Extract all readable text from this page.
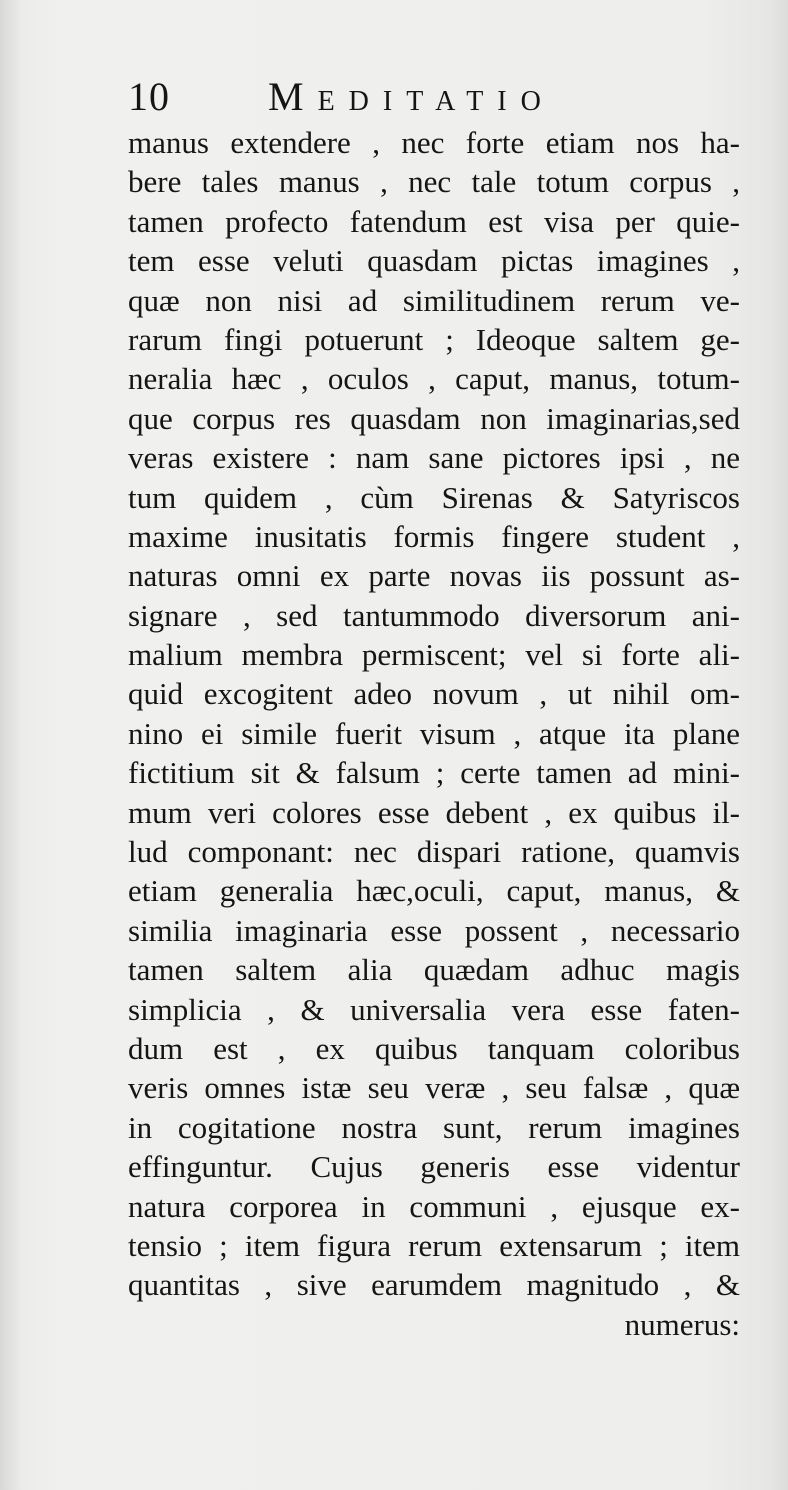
10 Meditatio
manus extendere , nec forte etiam nos ha-
bere tales manus , nec tale totum corpus ,
tamen profecto fatendum est visa per quie-
tem esse veluti quasdam pictas imagines ,
quæ non nisi ad similitudinem rerum ve-
rarum fingi potuerunt ; Ideoque saltem ge-
neralia hæc , oculos , caput, manus, totum-
que corpus res quasdam non imaginarias,sed
veras existere : nam sane pictores ipsi , ne
tum quidem , cùm Sirenas & Satyriscos
maxime inusitatis formis fingere student ,
naturas omni ex parte novas iis possunt as-
signare , sed tantummodo diversorum ani-
malium membra permiscent; vel si forte ali-
quid excogitent adeo novum , ut nihil om-
nino ei simile fuerit visum , atque ita plane
fictitium sit & falsum ; certe tamen ad mini-
mum veri colores esse debent , ex quibus il-
lud componant: nec dispari ratione, quamvis
etiam generalia hæc,oculi, caput, manus, &
similia imaginaria esse possent , necessario
tamen saltem alia quædam adhuc magis
simplicia , & universalia vera esse faten-
dum est , ex quibus tanquam coloribus
veris omnes istæ seu veræ , seu falsæ , quæ
in cogitatione nostra sunt, rerum imagines
effinguntur. Cujus generis esse videntur
natura corporea in communi , ejusque ex-
tensio ; item figura rerum extensarum ; item
quantitas , sive earumdem magnitudo , &
numerus:
